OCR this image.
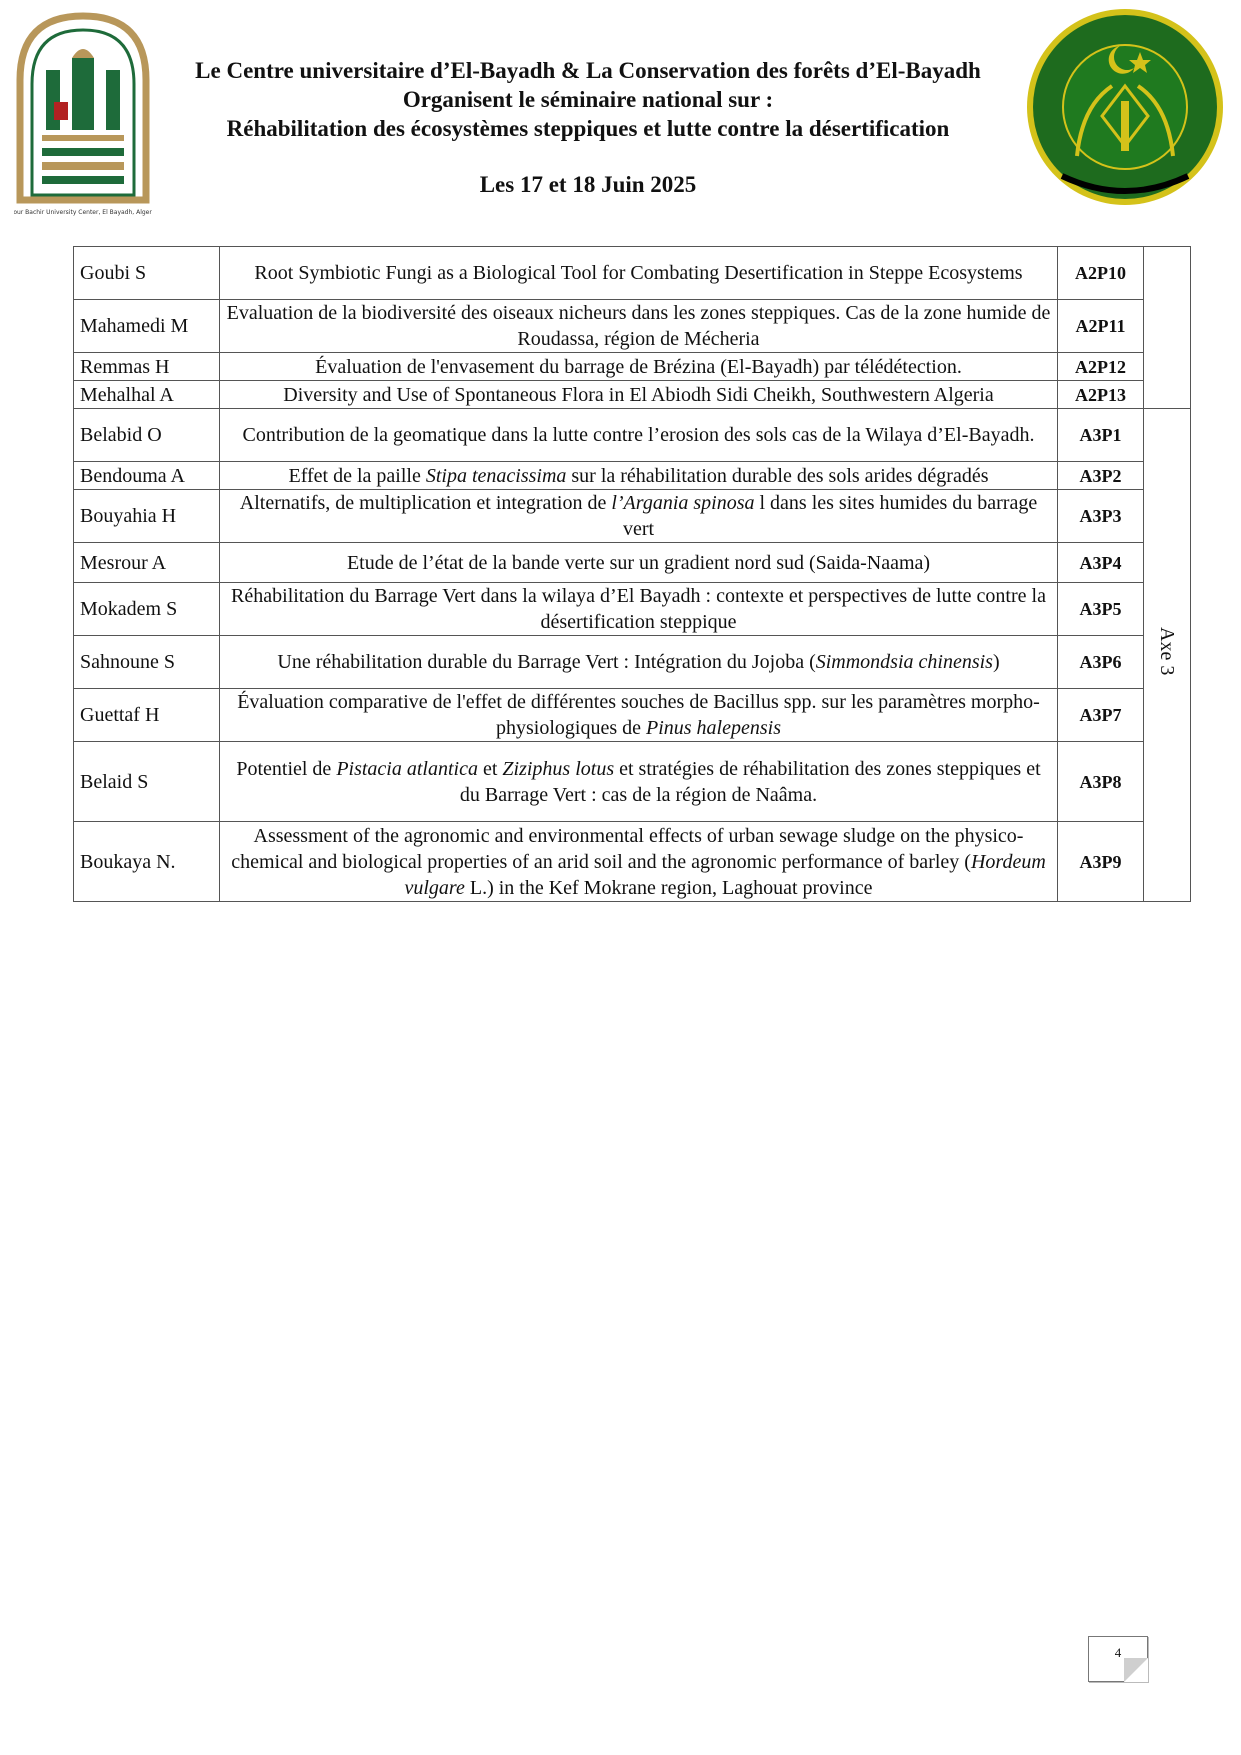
Nour Bachir University Center, El Bayadh, Algeria
Le Centre universitaire d’El-Bayadh & La Conservation des forêts d’El-Bayadh
Organisent le séminaire national sur :
Réhabilitation des écosystèmes steppiques et lutte contre la désertification
Les 17 et 18 Juin 2025
Goubi S	Root Symbiotic Fungi as a Biological Tool for Combating Desertification in Steppe Ecosystems	A2P10	
Mahamedi M	Evaluation de la biodiversité des oiseaux nicheurs dans les zones steppiques. Cas de la zone humide de Roudassa, région de Mécheria	A2P11	
Remmas H	Évaluation de l'envasement du barrage de Brézina (El-Bayadh) par télédétection.	A2P12	
Mehalhal A	Diversity and Use of Spontaneous Flora in El Abiodh Sidi Cheikh, Southwestern Algeria	A2P13	
Belabid O	Contribution de la geomatique dans la lutte contre l’erosion des sols cas de la Wilaya d’El-Bayadh.	A3P1	Axe 3
Bendouma A	Effet de la paille Stipa tenacissima sur la réhabilitation durable des sols arides dégradés	A3P2	
Bouyahia H	Alternatifs, de multiplication et integration de l’Argania spinosa l dans les sites humides du barrage vert	A3P3	
Mesrour A	Etude de l’état de la bande verte sur un gradient nord sud (Saida-Naama)	A3P4	
Mokadem S	Réhabilitation du Barrage Vert dans la wilaya d’El Bayadh : contexte et perspectives de lutte contre la désertification steppique	A3P5	
Sahnoune S	Une réhabilitation durable du Barrage Vert : Intégration du Jojoba (Simmondsia chinensis)	A3P6	
Guettaf H	Évaluation comparative de l'effet de différentes souches de Bacillus spp. sur les paramètres morpho-physiologiques de Pinus halepensis	A3P7	
Belaid S	Potentiel de Pistacia atlantica et Ziziphus lotus et stratégies de réhabilitation des zones steppiques et du Barrage Vert : cas de la région de Naâma.	A3P8	
Boukaya N.	Assessment of the agronomic and environmental effects of urban sewage sludge on the physico-chemical and biological properties of an arid soil and the agronomic performance of barley (Hordeum vulgare L.) in the Kef Mokrane region, Laghouat province	A3P9	
4
